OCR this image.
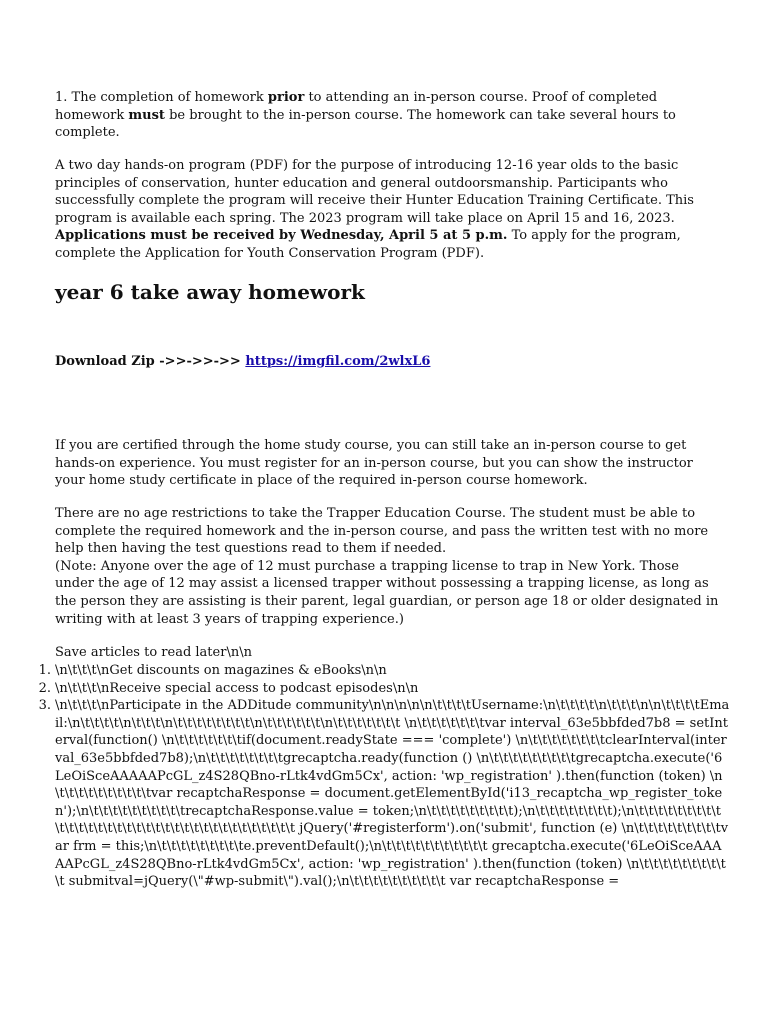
1. The completion of homework prior to attending an in-person course. Proof of completed homework must be brought to the in-person course. The homework can take several hours to complete.

A two day hands-on program (PDF) for the purpose of introducing 12-16 year olds to the basic principles of conservation, hunter education and general outdoorsmanship. Participants who successfully complete the program will receive their Hunter Education Training Certificate. This program is available each spring. The 2023 program will take place on April 15 and 16, 2023. Applications must be received by Wednesday, April 5 at 5 p.m. To apply for the program, complete the Application for Youth Conservation Program (PDF).

year 6 take away homework

Download Zip ->>->>->> https://imgfil.com/2wlxL6

If you are certified through the home study course, you can still take an in-person course to get hands-on experience. You must register for an in-person course, but you can show the instructor your home study certificate in place of the required in-person course homework.

There are no age restrictions to take the Trapper Education Course. The student must be able to complete the required homework and the in-person course, and pass the written test with no more help then having the test questions read to them if needed.
(Note: Anyone over the age of 12 must purchase a trapping license to trap in New York. Those under the age of 12 may assist a licensed trapper without possessing a trapping license, as long as the person they are assisting is their parent, legal guardian, or person age 18 or older designated in writing with at least 3 years of trapping experience.)

Save articles to read later\n\n

1. \n\t\t\t\nGet discounts on magazines & eBooks\n\n
2. \n\t\t\t\nReceive special access to podcast episodes\n\n
3. \n\t\t\t\nParticipate in the ADDitude community\n\n\n\n\n\t\t\t\tUsername:\n\t\t\t\t\n\t\t\t\n\n\t\t\t\tEmail:\n\t\t\t\t\n\t\t\t\n\t\t\t\t\t\t\t\t\n\t\t\t\t\t\t\n\t\t\t\t\t\t\t \n\t\t\t\t\t\t\tvar interval_63e5bbfded7b8 = setInterval(function() \n\t\t\t\t\t\t\tif(document.readyState === 'complete') \n\t\t\t\t\t\t\t\tclearInterval(interval_63e5bbfded7b8);\n\t\t\t\t\t\t\t\tgrecaptcha.ready(function () \n\t\t\t\t\t\t\t\t\tgrecaptcha.execute('6LeOiSceAAAAAPcGL_z4S28QBno-rLtk4vdGm5Cx', action: 'wp_registration' ).then(function (token) \n\t\t\t\t\t\t\t\t\t\tvar recaptchaResponse = document.getElementById('i13_recaptcha_wp_register_token');\n\t\t\t\t\t\t\t\t\t\trecaptchaResponse.value = token;\n\t\t\t\t\t\t\t\t\t);\n\t\t\t\t\t\t\t\t);\n\t\t\t\t\t\t\t\t\t\t\t\t\t\t\t\t\t\t\t\t\t\t\t\t\t\t\t\t\t\t\t\t\t\t jQuery('#registerform').on('submit', function (e) \n\t\t\t\t\t\t\t\t\tvar frm = this;\n\t\t\t\t\t\t\t\t\te.preventDefault();\n\t\t\t\t\t\t\t\t\t\t\t grecaptcha.execute('6LeOiSceAAAAAPcGL_z4S28QBno-rLtk4vdGm5Cx', action: 'wp_registration' ).then(function (token) \n\t\t\t\t\t\t\t\t\t\t submitval=jQuery(\"#wp-submit\").val();\n\t\t\t\t\t\t\t\t\t\t var recaptchaResponse =
